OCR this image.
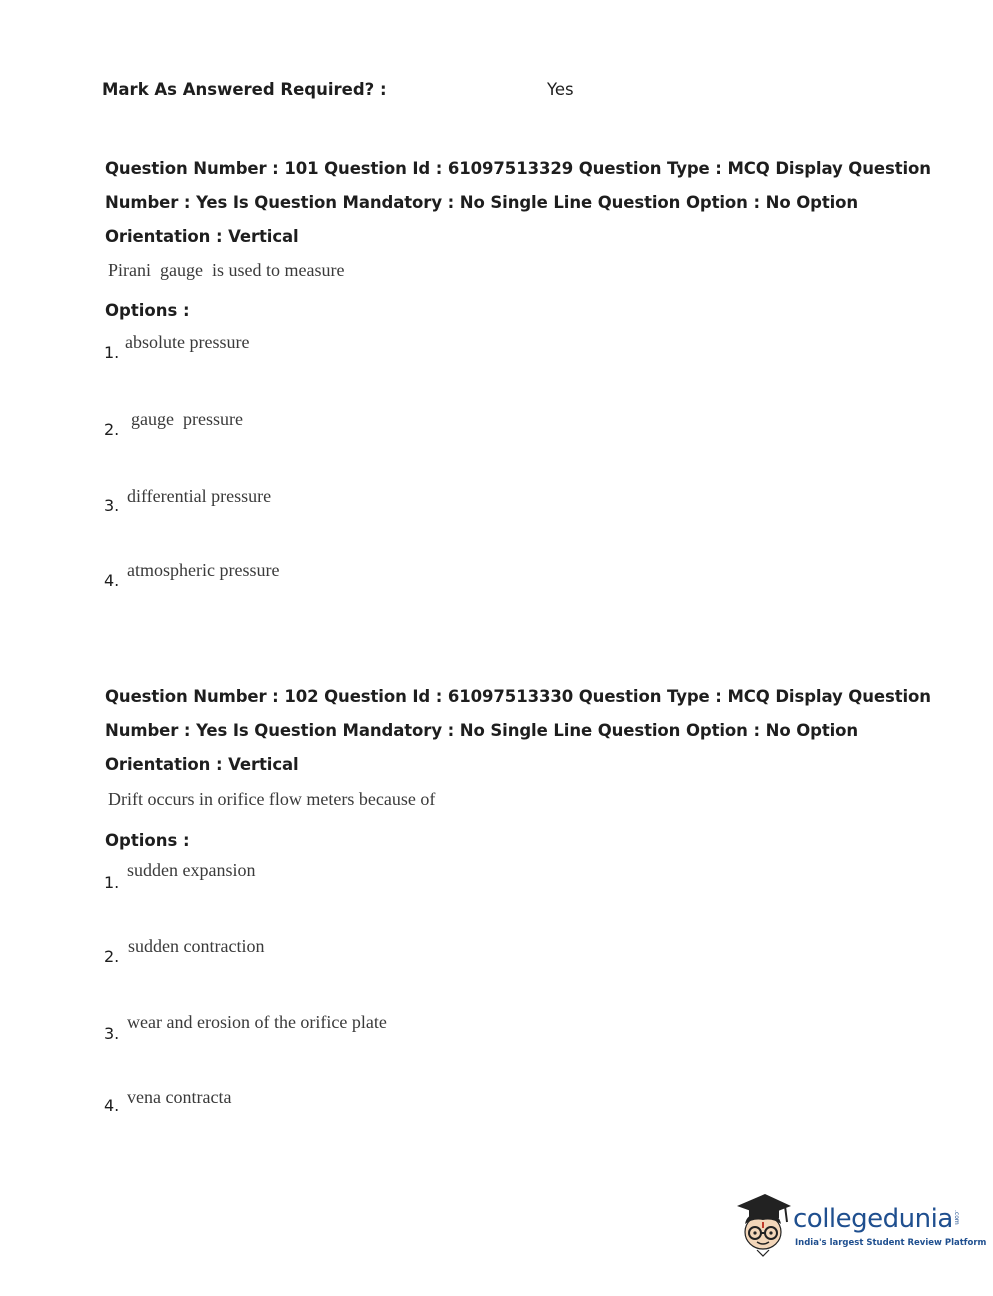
Mark As Answered Required? :	Yes
Question Number : 101 Question Id : 61097513329 Question Type : MCQ Display Question
Number : Yes Is Question Mandatory : No Single Line Question Option : No Option
Orientation : Vertical
Pirani  gauge  is used to measure
Options :
1.
absolute pressure
2.
gauge  pressure
3. differential pressure
4.
atmospheric pressure
Question Number : 102 Question Id : 61097513330 Question Type : MCQ Display Question
Number : Yes Is Question Mandatory : No Single Line Question Option : No Option
Orientation : Vertical
Drift occurs in orifice flow meters because of
Options :
1.
sudden expansion
2.
sudden contraction
3.
wear and erosion of the orifice plate
4. vena contracta
collegedunia .com
India's largest Student Review Platform
